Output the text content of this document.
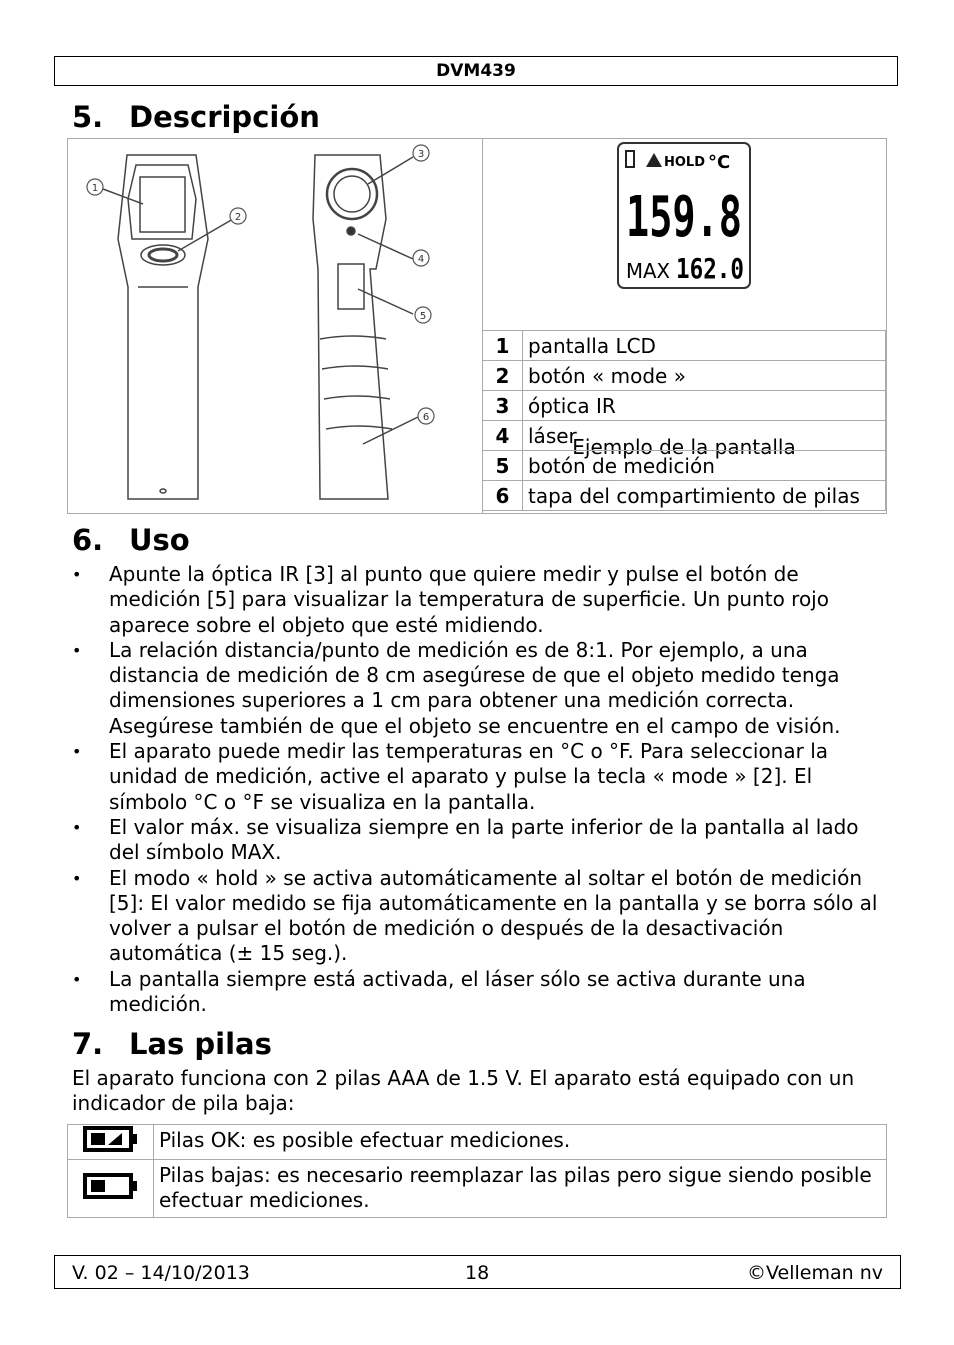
DVM439
5. Descripción
1
2
3
4
5
6
HOLD °C
159.8
MAX 162.0
Ejemplo de la pantalla
1	pantalla LCD
2	botón « mode »
3	óptica IR
4	láser
5	botón de medición
6	tapa del compartimiento de pilas
6. Uso
• Apunte la óptica IR [3] al punto que quiere medir y pulse el botón de medición [5] para visualizar la temperatura de superficie. Un punto rojo aparece sobre el objeto que esté midiendo.
• La relación distancia/punto de medición es de 8:1. Por ejemplo, a una distancia de medición de 8 cm asegúrese de que el objeto medido tenga dimensiones superiores a 1 cm para obtener una medición correcta. Asegúrese también de que el objeto se encuentre en el campo de visión.
• El aparato puede medir las temperaturas en °C o °F. Para seleccionar la unidad de medición, active el aparato y pulse la tecla « mode » [2]. El símbolo °C o °F se visualiza en la pantalla.
• El valor máx. se visualiza siempre en la parte inferior de la pantalla al lado del símbolo MAX.
• El modo « hold » se activa automáticamente al soltar el botón de medición [5]: El valor medido se fija automáticamente en la pantalla y se borra sólo al volver a pulsar el botón de medición o después de la desactivación automática (± 15 seg.).
• La pantalla siempre está activada, el láser sólo se activa durante una medición.
7. Las pilas
El aparato funciona con 2 pilas AAA de 1.5 V. El aparato está equipado con un indicador de pila baja:
	Pilas OK: es posible efectuar mediciones.
	Pilas bajas: es necesario reemplazar las pilas pero sigue siendo posible efectuar mediciones.
V. 02 – 14/10/2013	18	©Velleman nv
